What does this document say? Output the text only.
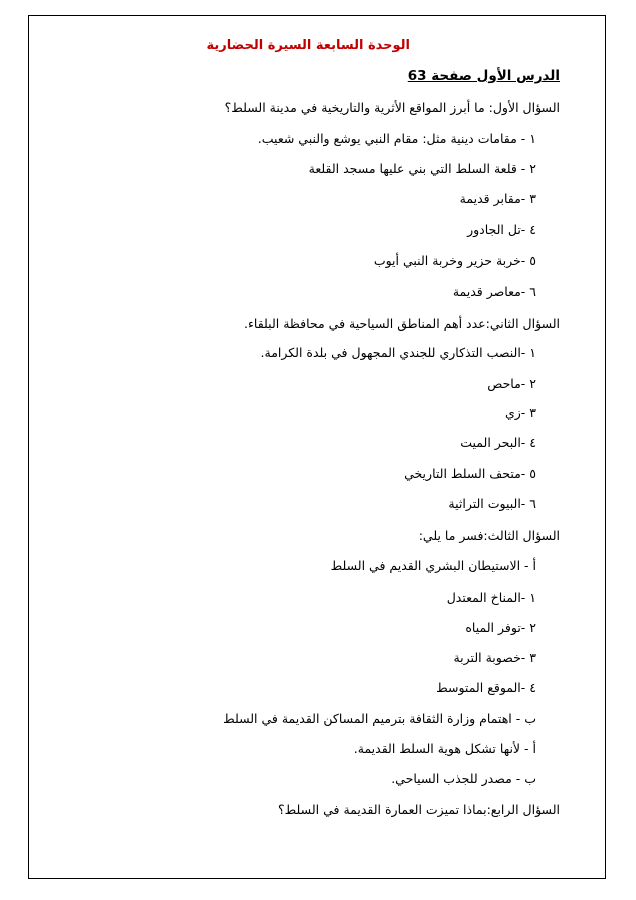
الوحدة السابعة السيرة الحضارية
الدرس الأول صفحة 63
السؤال الأول: ما أبرز المواقع الأثرية والتاريخية في مدينة السلط؟
١ - مقامات دينية مثل: مقام النبي يوشع والنبي شعيب.
٢ - قلعة السلط التي بني عليها مسجد القلعة
٣ -مقابر قديمة
٤ -تل الجادور
٥ -خربة حزير وخربة النبي أيوب
٦ -معاصر قديمة
السؤال الثاني:عدد أهم المناطق السياحية في محافظة البلقاء.
١ -النصب التذكاري للجندي المجهول في بلدة الكرامة.
٢ -ماحص
٣ -زي
٤ -البحر الميت
٥ -متحف السلط التاريخي
٦ -البيوت التراثية
السؤال الثالث:فسر ما يلي:
أ - الاستيطان البشري القديم في السلط
١ -المناخ المعتدل
٢ -توفر المياه
٣ -خصوبة التربة
٤ -الموقع المتوسط
ب - اهتمام وزارة الثقافة بترميم المساكن القديمة في السلط
أ - لأنها تشكل هوية السلط القديمة.
ب - مصدر للجذب السياحي.
السؤال الرابع:بماذا تميزت العمارة القديمة في السلط؟
